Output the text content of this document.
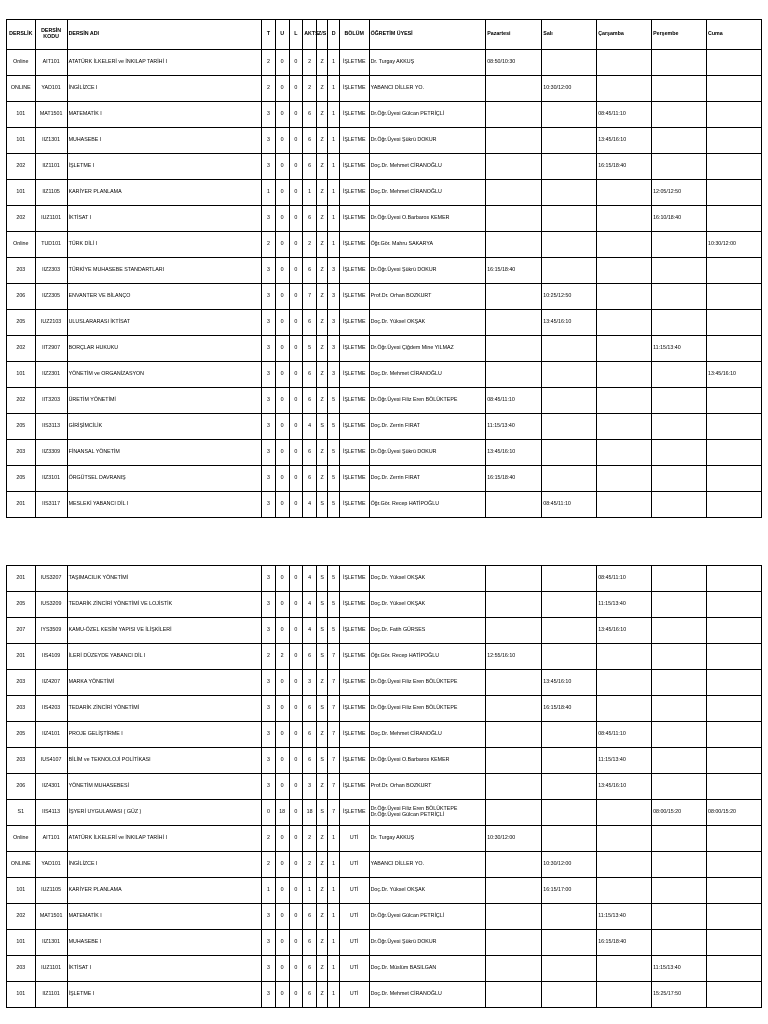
DERSLİK	DERSİN KODU	DERSİN ADI	T	U	L	AKTS	Z/S	D	BÖLÜM	ÖĞRETİM ÜYESİ	Pazartesi	Salı	Çarşamba	Perşembe	Cuma
Online	AIT101	ATATÜRK İLKELERİ ve İNKILAP TARİHİ I	2	0	0	2	Z	1	İŞLETME	Dr. Turgay AKKUŞ	08:50/10:30				
ONLINE	YAD101	İNGİLİZCE I	2	0	0	2	Z	1	İŞLETME	YABANCI DİLLER YO.		10:30/12:00			
101	MAT1501	MATEMATİK I	3	0	0	6	Z	1	İŞLETME	Dr.Öğr.Üyesi Gülcan PETRİÇLİ			08:45/11:10		
101	IIZ1301	MUHASEBE I	3	0	0	6	Z	1	İŞLETME	Dr.Öğr.Üyesi Şükrü DOKUR			13:45/16:10		
202	IIZ1101	İŞLETME I	3	0	0	6	Z	1	İŞLETME	Doç.Dr. Mehmet CİRANOĞLU			16:15/18:40		
101	IIZ1105	KARİYER PLANLAMA	1	0	0	1	Z	1	İŞLETME	Doç.Dr. Mehmet CİRANOĞLU				12:05/12:50	
202	IUZ1101	İKTİSAT I	3	0	0	6	Z	1	İŞLETME	Dr.Öğr.Üyesi O.Barbaros KEMER				16:10/18:40	
Online	TUD101	TÜRK DİLİ I	2	0	0	2	Z	1	İŞLETME	Öğr.Gör. Mahru SAKARYA					10:30/12:00
203	IIZ2303	TÜRKİYE MUHASEBE STANDARTLARI	3	0	0	6	Z	3	İŞLETME	Dr.Öğr.Üyesi Şükrü DOKUR	16:15/18:40				
206	IIZ2305	ENVANTER VE BİLANÇO	3	0	0	7	Z	3	İŞLETME	Prof.Dr. Orhan BOZKURT		10:25/12:50			
205	IUZ2103	ULUSLARARASI İKTİSAT	3	0	0	6	Z	3	İŞLETME	Doç.Dr. Yüksel OKŞAK		13:45/16:10			
202	IIT2907	BORÇLAR HUKUKU	3	0	0	5	Z	3	İŞLETME	Dr.Öğr.Üyesi Çiğdem Mine YILMAZ				11:15/13:40	
101	IIZ2301	YÖNETİM ve ORGANİZASYON	3	0	0	6	Z	3	İŞLETME	Doç.Dr. Mehmet CİRANOĞLU					13:45/16:10
202	IIT3203	ÜRETİM YÖNETİMİ	3	0	0	6	Z	5	İŞLETME	Dr.Öğr.Üyesi Filiz Eren BÖLÜKTEPE	08:45/11:10				
205	IIS3113	GİRİŞİMCİLİK	3	0	0	4	S	5	İŞLETME	Doç.Dr. Zerrin FIRAT	11:15/13:40				
203	IIZ3309	FİNANSAL YÖNETİM	3	0	0	6	Z	5	İŞLETME	Dr.Öğr.Üyesi Şükrü DOKUR	13:45/16:10				
205	IIZ3101	ÖRGÜTSEL DAVRANIŞ	3	0	0	6	Z	5	İŞLETME	Doç.Dr. Zerrin FIRAT	16:15/18:40				
201	IIS3117	MESLEKİ YABANCI DİL I	3	0	0	4	S	5	İŞLETME	Öğr.Gör. Recep HATİPOĞLU		08:45/11:10			
201	IUS3207	TAŞIMACILIK YÖNETİMİ	3	0	0	4	S	5	İŞLETME	Doç.Dr. Yüksel OKŞAK			08:45/11:10		
205	IUS3209	TEDARİK ZİNCİRİ YÖNETİMİ VE LOJİSTİK	3	0	0	4	S	5	İŞLETME	Doç.Dr. Yüksel OKŞAK			11:15/13:40		
207	IYS3509	KAMU-ÖZEL KESİM YAPISI VE İLİŞKİLERİ	3	0	0	4	S	5	İŞLETME	Doç.Dr. Fatih GÜRSES			13:45/16:10		
201	IIS4109	İLERİ DÜZEYDE YABANCI DİL I	2	2	0	6	S	7	İŞLETME	Öğr.Gör. Recep HATİPOĞLU	12:55/16:10				
203	IIZ4207	MARKA YÖNETİMİ	3	0	0	3	Z	7	İŞLETME	Dr.Öğr.Üyesi Filiz Eren BÖLÜKTEPE		13:45/16:10			
203	IIS4203	TEDARİK ZİNCİRİ YÖNETİMİ	3	0	0	6	S	7	İŞLETME	Dr.Öğr.Üyesi Filiz Eren BÖLÜKTEPE		16:15/18:40			
205	IIZ4101	PROJE GELİŞTİRME I	3	0	0	6	Z	7	İŞLETME	Doç.Dr. Mehmet CİRANOĞLU			08:45/11:10		
203	IUS4107	BİLİM ve TEKNOLOJİ POLİTİKASI	3	0	0	6	S	7	İŞLETME	Dr.Öğr.Üyesi O.Barbaros KEMER			11:15/13:40		
206	IIZ4301	YÖNETİM MUHASEBESİ	3	0	0	3	Z	7	İŞLETME	Prof.Dr. Orhan BOZKURT			13:45/16:10		
S1	IIS4113	İŞYERİ UYGULAMASI ( GÜZ )	0	18	0	18	S	7	İŞLETME	Dr.Öğr.Üyesi Filiz Eren BÖLÜKTEPE Dr.Öğr.Üyesi Gülcan PETRİÇLİ				08:00/15:20	08:00/15:20
Online	AIT101	ATATÜRK İLKELERİ ve İNKILAP TARİHİ I	2	0	0	2	Z	1	UTİ	Dr. Turgay AKKUŞ	10:30/12:00				
ONLINE	YAD101	İNGİLİZCE I	2	0	0	2	Z	1	UTİ	YABANCI DİLLER YO.		10:30/12:00			
101	IUZ1105	KARİYER PLANLAMA	1	0	0	1	Z	1	UTİ	Doç.Dr. Yüksel OKŞAK		16:15/17:00			
202	MAT1501	MATEMATİK I	3	0	0	6	Z	1	UTİ	Dr.Öğr.Üyesi Gülcan PETRİÇLİ			11:15/13:40		
101	IIZ1301	MUHASEBE I	3	0	0	6	Z	1	UTİ	Dr.Öğr.Üyesi Şükrü DOKUR			16:15/18:40		
203	IUZ1101	İKTİSAT I	3	0	0	6	Z	1	UTİ	Doç.Dr. Müslüm BASILGAN				11:15/13:40	
101	IIZ1101	İŞLETME I	3	0	0	6	Z	1	UTİ	Doç.Dr. Mehmet CİRANOĞLU				15:25/17:50	
